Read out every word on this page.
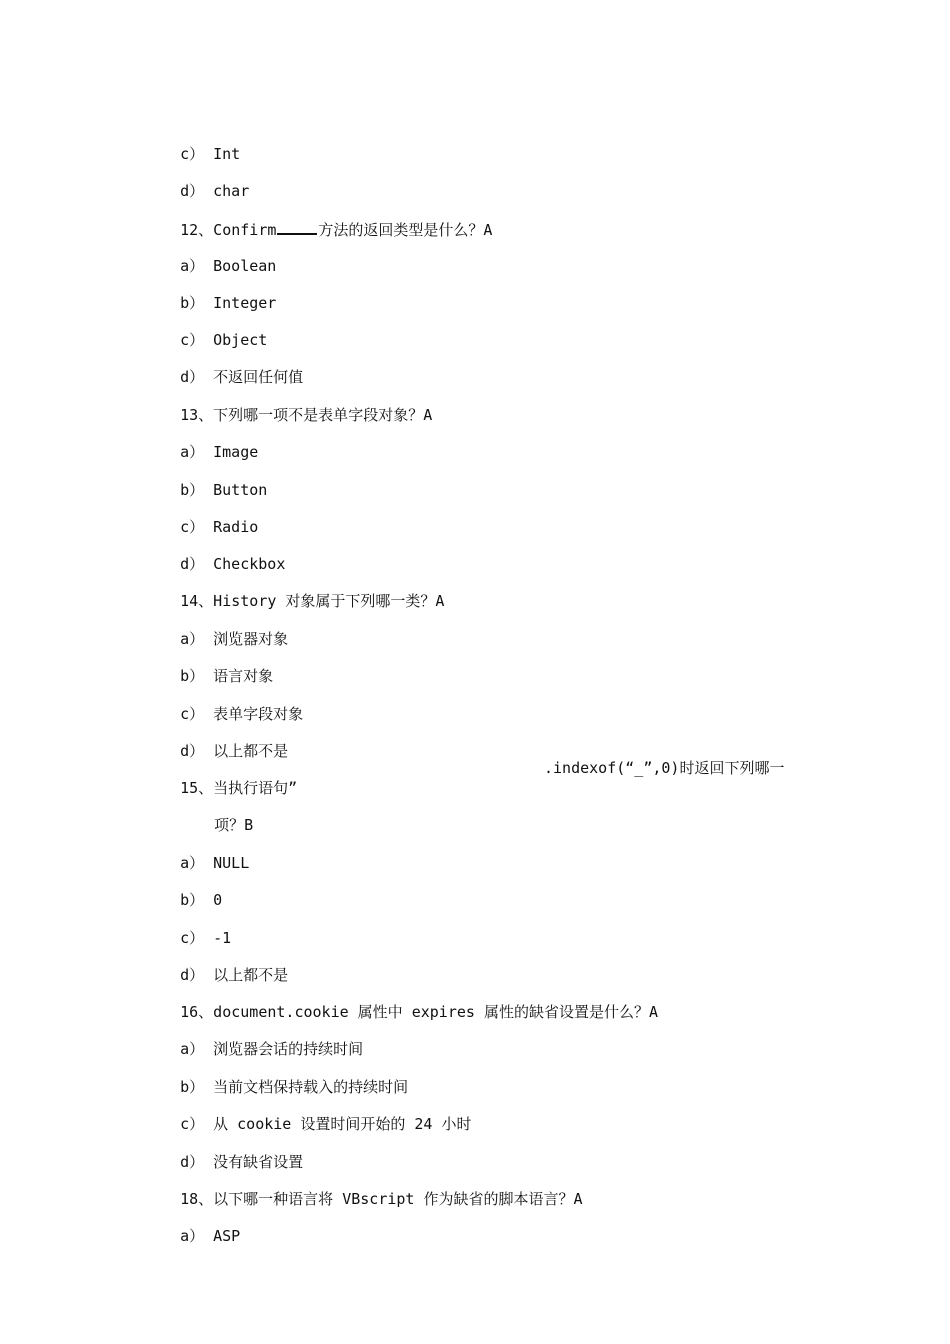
c） Int

d） char

12、Confirm	方法的返回类型是什么？A

a） Boolean

b） Integer

c） Object

d） 不返回任何值

13、下列哪一项不是表单字段对象？A

a） Image

b） Button

c） Radio

d） Checkbox

14、History 对象属于下列哪一类？A

a） 浏览器对象

b） 语言对象

c） 表单字段对象

d） 以上都不是

15、当执行语句”

.indexof(“_”,0)时返回下列哪一

项？B

a） NULL

b） 0

c） -1

d） 以上都不是

16、document.cookie 属性中 expires 属性的缺省设置是什么？A

a） 浏览器会话的持续时间

b） 当前文档保持载入的持续时间

c） 从 cookie 设置时间开始的 24 小时

d） 没有缺省设置

18、以下哪一种语言将 VBscript 作为缺省的脚本语言？A

a） ASP
